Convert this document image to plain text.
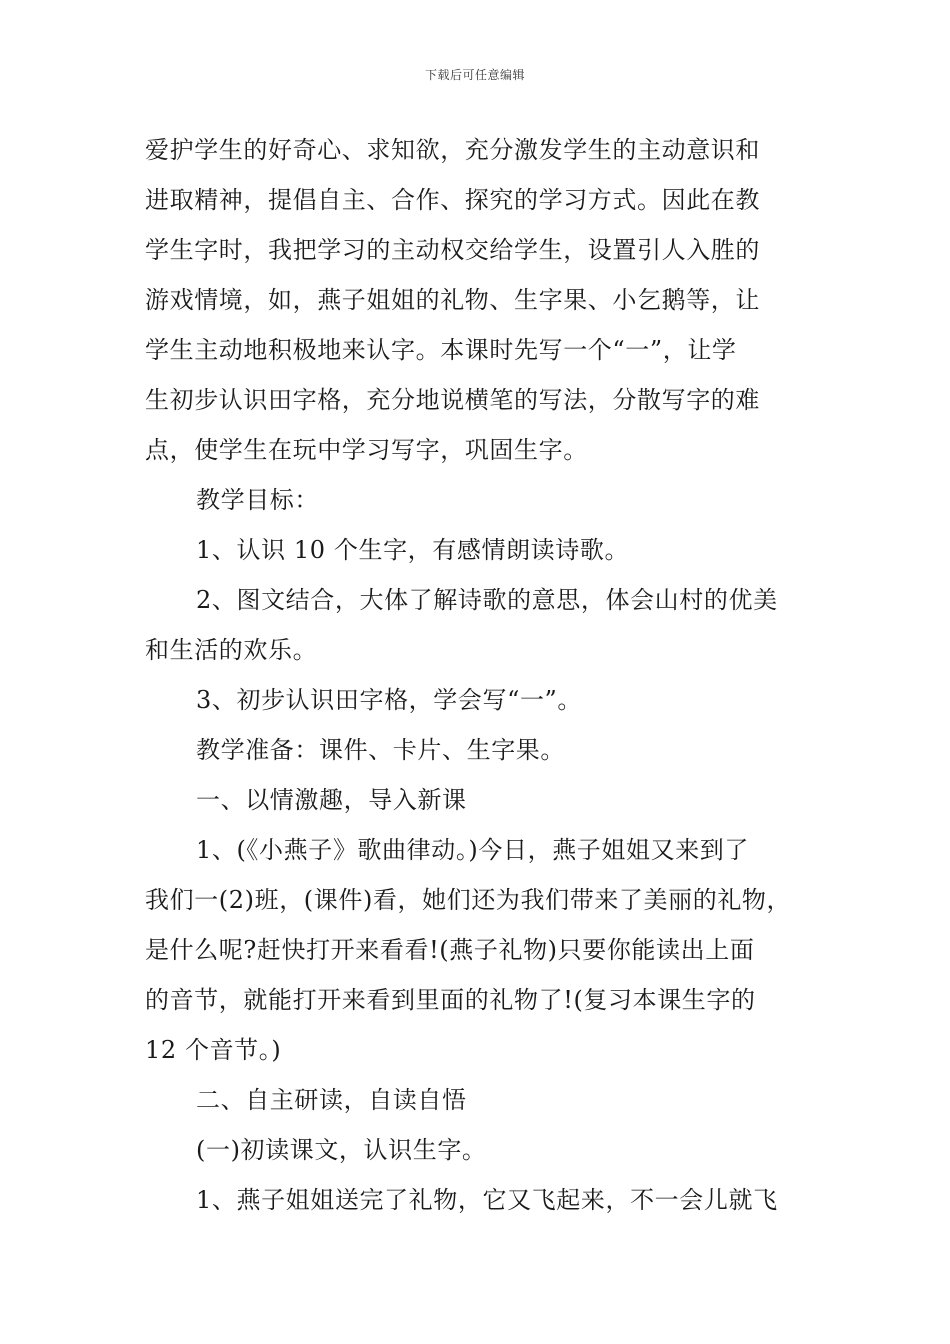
下载后可任意编辑
爱护学生的好奇心、求知欲，充分激发学生的主动意识和
进取精神，提倡自主、合作、探究的学习方式。因此在教
学生字时，我把学习的主动权交给学生，设置引人入胜的
游戏情境，如，燕子姐姐的礼物、生字果、小乞鹅等，让
学生主动地积极地来认字。本课时先写一个“一”，让学
生初步认识田字格，充分地说横笔的写法，分散写字的难
点，使学生在玩中学习写字，巩固生字。
教学目标：
1、认识 10 个生字，有感情朗读诗歌。
2、图文结合，大体了解诗歌的意思，体会山村的优美
和生活的欢乐。
3、初步认识田字格，学会写“一”。
教学准备：课件、卡片、生字果。
一、以情激趣，导入新课
1、(《小燕子》歌曲律动。)今日，燕子姐姐又来到了
我们一(2)班，(课件)看，她们还为我们带来了美丽的礼物，
是什么呢?赶快打开来看看!(燕子礼物)只要你能读出上面
的音节，就能打开来看到里面的礼物了!(复习本课生字的
12 个音节。)
二、自主研读，自读自悟
(一)初读课文，认识生字。
1、燕子姐姐送完了礼物，它又飞起来，不一会儿就飞
